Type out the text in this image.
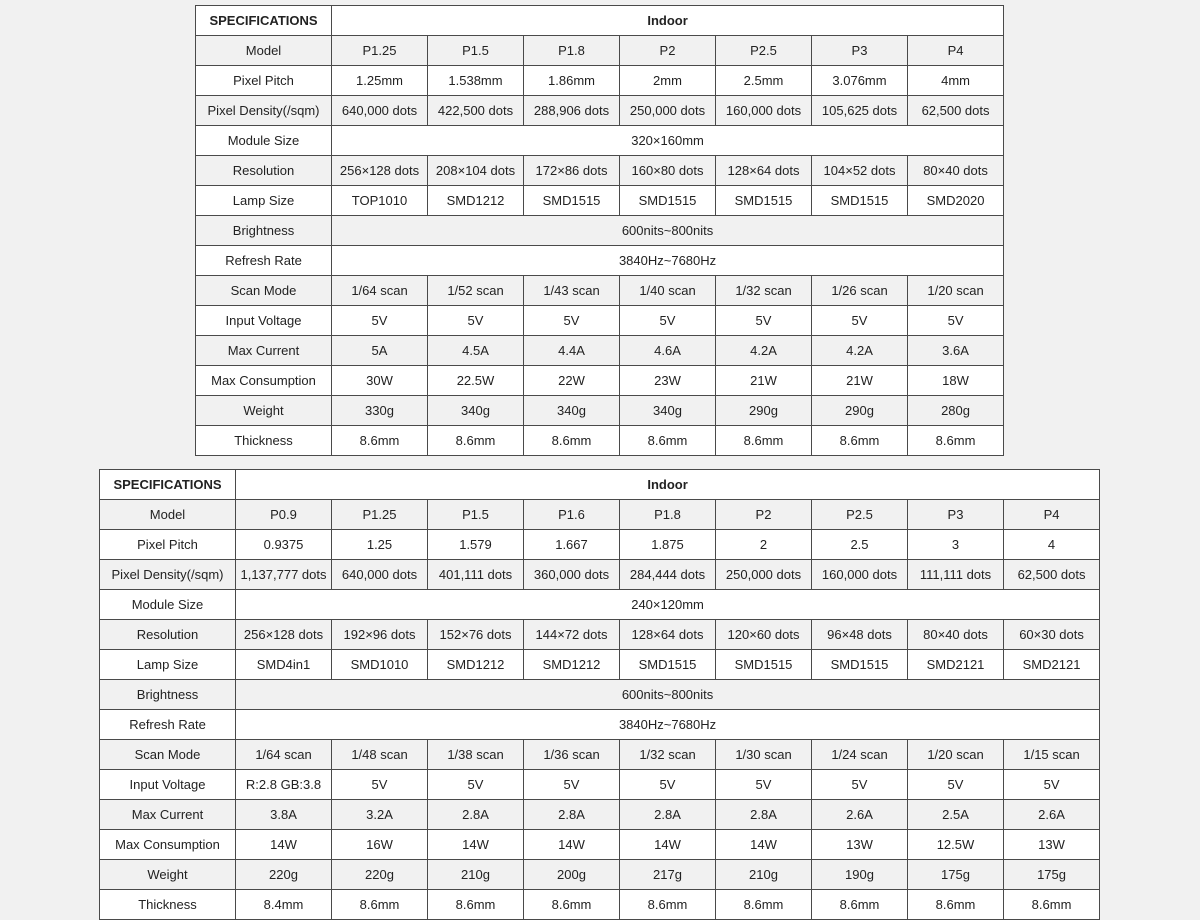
SPECIFICATIONS	Indoor						
Model	P1.25	P1.5	P1.8	P2	P2.5	P3	P4
Pixel Pitch	1.25mm	1.538mm	1.86mm	2mm	2.5mm	3.076mm	4mm
Pixel Density(/sqm)	640,000 dots	422,500 dots	288,906 dots	250,000 dots	160,000 dots	105,625 dots	62,500 dots
Module Size	320×160mm						
Resolution	256×128 dots	208×104 dots	172×86 dots	160×80 dots	128×64 dots	104×52 dots	80×40 dots
Lamp Size	TOP1010	SMD1212	SMD1515	SMD1515	SMD1515	SMD1515	SMD2020
Brightness	600nits~800nits						
Refresh Rate	3840Hz~7680Hz						
Scan Mode	1/64 scan	1/52 scan	1/43 scan	1/40 scan	1/32 scan	1/26 scan	1/20 scan
Input Voltage	5V	5V	5V	5V	5V	5V	5V
Max Current	5A	4.5A	4.4A	4.6A	4.2A	4.2A	3.6A
Max Consumption	30W	22.5W	22W	23W	21W	21W	18W
Weight	330g	340g	340g	340g	290g	290g	280g
Thickness	8.6mm	8.6mm	8.6mm	8.6mm	8.6mm	8.6mm	8.6mm
SPECIFICATIONS	Indoor								
Model	P0.9	P1.25	P1.5	P1.6	P1.8	P2	P2.5	P3	P4
Pixel Pitch	0.9375	1.25	1.579	1.667	1.875	2	2.5	3	4
Pixel Density(/sqm)	1,137,777 dots	640,000 dots	401,111 dots	360,000 dots	284,444 dots	250,000 dots	160,000 dots	111,111 dots	62,500 dots
Module Size	240×120mm								
Resolution	256×128 dots	192×96 dots	152×76 dots	144×72 dots	128×64 dots	120×60 dots	96×48 dots	80×40 dots	60×30 dots
Lamp Size	SMD4in1	SMD1010	SMD1212	SMD1212	SMD1515	SMD1515	SMD1515	SMD2121	SMD2121
Brightness	600nits~800nits								
Refresh Rate	3840Hz~7680Hz								
Scan Mode	1/64 scan	1/48 scan	1/38 scan	1/36 scan	1/32 scan	1/30 scan	1/24 scan	1/20 scan	1/15 scan
Input Voltage	R:2.8 GB:3.8	5V	5V	5V	5V	5V	5V	5V	5V
Max Current	3.8A	3.2A	2.8A	2.8A	2.8A	2.8A	2.6A	2.5A	2.6A
Max Consumption	14W	16W	14W	14W	14W	14W	13W	12.5W	13W
Weight	220g	220g	210g	200g	217g	210g	190g	175g	175g
Thickness	8.4mm	8.6mm	8.6mm	8.6mm	8.6mm	8.6mm	8.6mm	8.6mm	8.6mm
